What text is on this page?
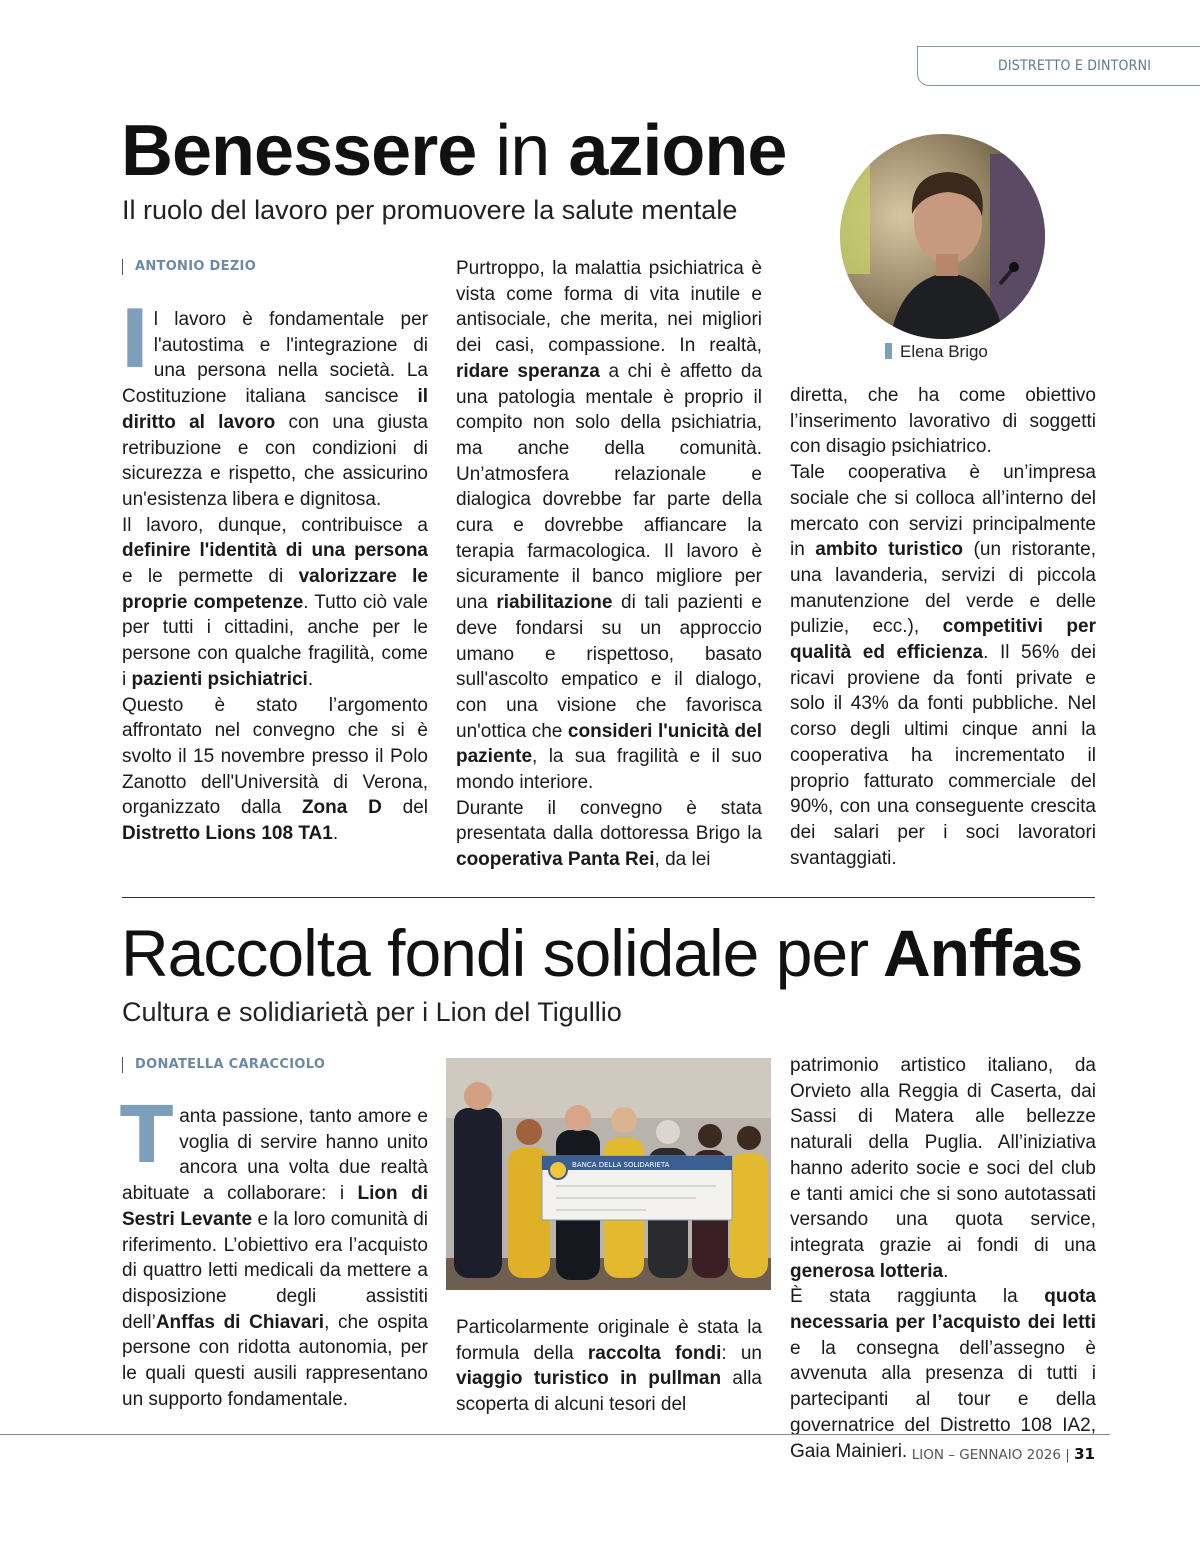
DISTRETTO E DINTORNI
Benessere in azione

Il ruolo del lavoro per promuovere la salute mentale

ANTONIO DEZIO
Elena Brigo

Il lavoro è fondamentale per l'autostima e l'integrazione di una persona nella società. La Costituzione italiana sancisce il diritto al lavoro con una giusta retribuzione e con condizioni di sicurezza e rispetto, che assicurino un'esistenza libera e dignitosa.
Il lavoro, dunque, contribuisce a definire l'identità di una persona e le permette di valorizzare le proprie competenze. Tutto ciò vale per tutti i cittadini, anche per le persone con qualche fragilità, come i pazienti psichiatrici.
Questo è stato l’argomento affrontato nel convegno che si è svolto il 15 novembre presso il Polo Zanotto dell'Università di Verona, organizzato dalla Zona D del Distretto Lions 108 TA1.

Purtroppo, la malattia psichiatrica è vista come forma di vita inutile e antisociale, che merita, nei migliori dei casi, compassione. In realtà, ridare speranza a chi è affetto da una patologia mentale è proprio il compito non solo della psichiatria, ma anche della comunità. Un’atmosfera relazionale e dialogica dovrebbe far parte della cura e dovrebbe affiancare la terapia farmacologica. Il lavoro è sicuramente il banco migliore per una riabilitazione di tali pazienti e deve fondarsi su un approccio umano e rispettoso, basato sull'ascolto empatico e il dialogo, con una visione che favorisca un'ottica che consideri l'unicità del paziente, la sua fragilità e il suo mondo interiore.
Durante il convegno è stata presentata dalla dottoressa Brigo la cooperativa Panta Rei, da lei

diretta, che ha come obiettivo l’inserimento lavorativo di soggetti con disagio psichiatrico.
Tale cooperativa è un’impresa sociale che si colloca all’interno del mercato con servizi principalmente in ambito turistico (un ristorante, una lavanderia, servizi di piccola manutenzione del verde e delle pulizie, ecc.), competitivi per qualità ed efficienza. Il 56% dei ricavi proviene da fonti private e solo il 43% da fonti pubbliche. Nel corso degli ultimi cinque anni la cooperativa ha incrementato il proprio fatturato commerciale del 90%, con una conseguente crescita dei salari per i soci lavoratori svantaggiati.

Raccolta fondi solidale per Anffas

Cultura e solidiarietà per i Lion del Tigullio

DONATELLA CARACCIOLO
BANCA DELLA SOLIDARIETA

Tanta passione, tanto amore e voglia di servire hanno unito ancora una volta due realtà abituate a collaborare: i Lion di Sestri Levante e la loro comunità di riferimento. L’obiettivo era l’acquisto di quattro letti medicali da mettere a disposizione degli assistiti dell’Anffas di Chiavari, che ospita persone con ridotta autonomia, per le quali questi ausili rappresentano un supporto fondamentale.

Particolarmente originale è stata la formula della raccolta fondi: un viaggio turistico in pullman alla scoperta di alcuni tesori del

patrimonio artistico italiano, da Orvieto alla Reggia di Caserta, dai Sassi di Matera alle bellezze naturali della Puglia. All’iniziativa hanno aderito socie e soci del club e tanti amici che si sono autotassati versando una quota service, integrata grazie ai fondi di una generosa lotteria.
È stata raggiunta la quota necessaria per l’acquisto dei letti e la consegna dell’assegno è avvenuta alla presenza di tutti i partecipanti al tour e della governatrice del Distretto 108 IA2, Gaia Mainieri. LION – GENNAIO 2026 | 31
